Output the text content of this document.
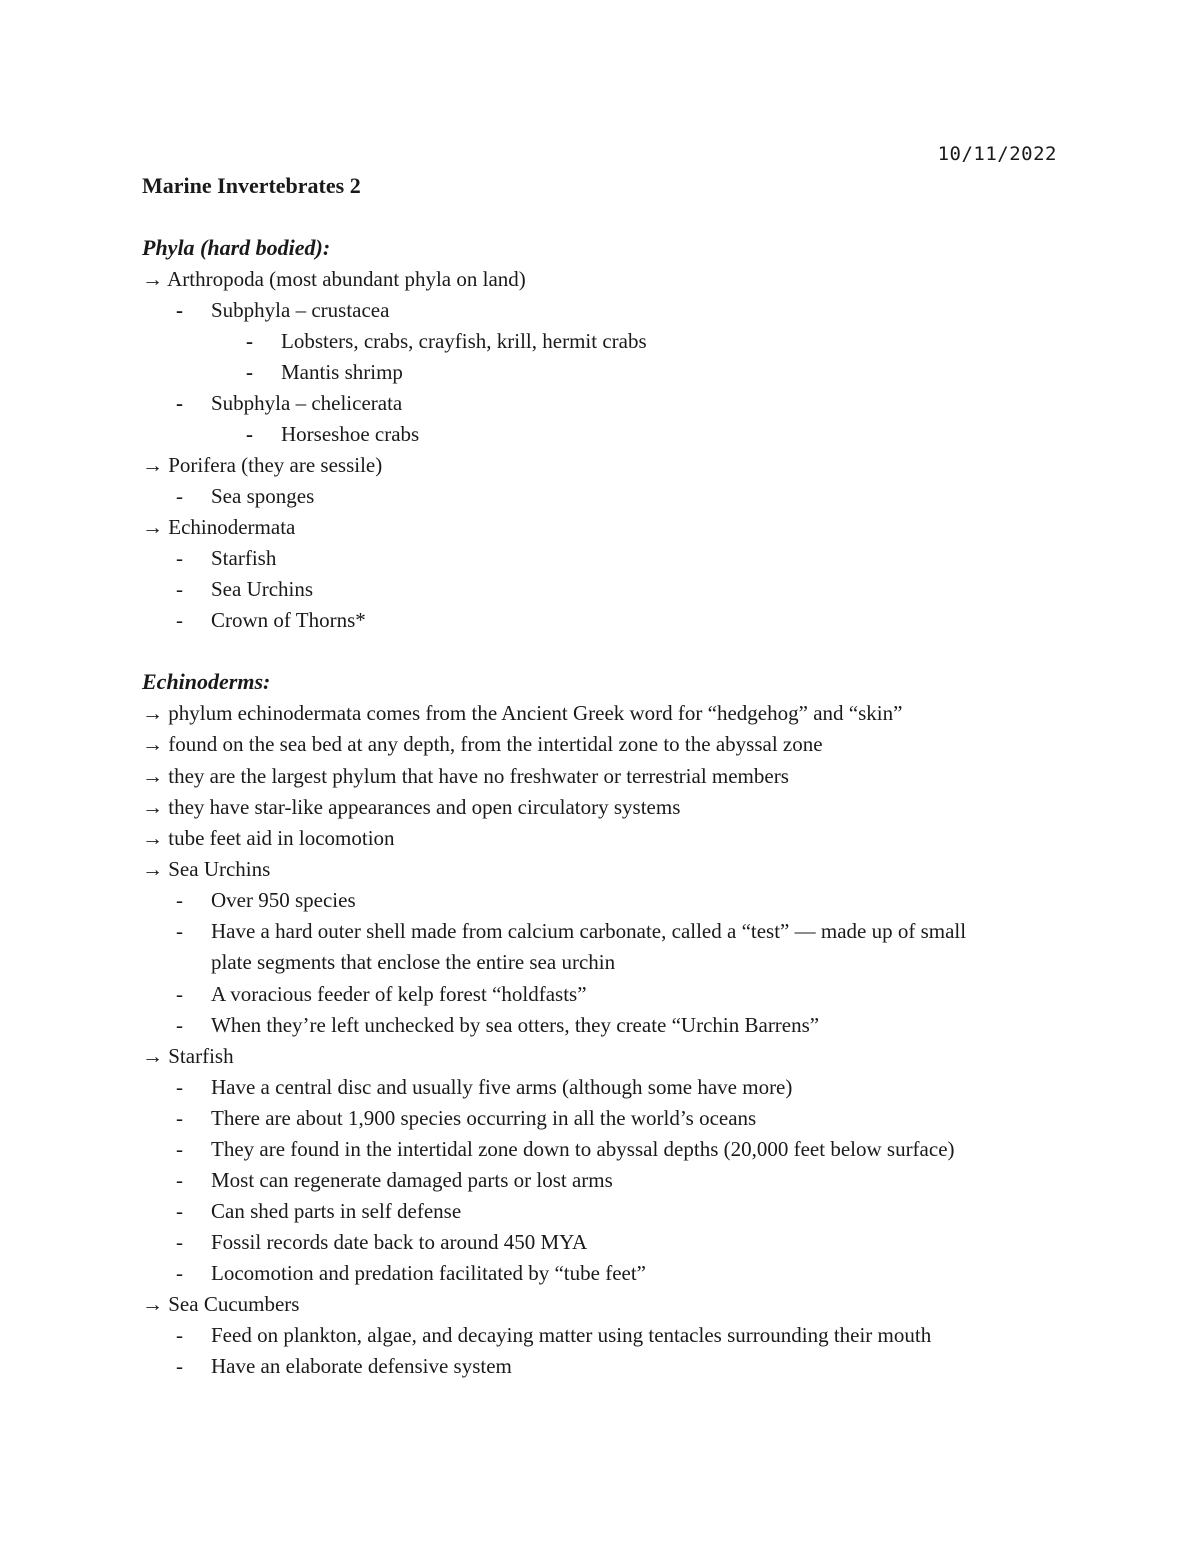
10/11/2022
Marine Invertebrates 2
Phyla (hard bodied):
→ Arthropoda (most abundant phyla on land)
-	Subphyla – crustacea
-	Lobsters, crabs, crayfish, krill, hermit crabs
-	Mantis shrimp
-	Subphyla – chelicerata
-	Horseshoe crabs
→ Porifera (they are sessile)
-	Sea sponges
→ Echinodermata
-	Starfish
-	Sea Urchins
-	Crown of Thorns*
Echinoderms:
→ phylum echinodermata comes from the Ancient Greek word for “hedgehog” and “skin”
→ found on the sea bed at any depth, from the intertidal zone to the abyssal zone
→ they are the largest phylum that have no freshwater or terrestrial members
→ they have star-like appearances and open circulatory systems
→ tube feet aid in locomotion
→ Sea Urchins
-	Over 950 species
-	Have a hard outer shell made from calcium carbonate, called a “test” — made up of small
plate segments that enclose the entire sea urchin
-	A voracious feeder of kelp forest “holdfasts”
-	When they’re left unchecked by sea otters, they create “Urchin Barrens”
→ Starfish
-	Have a central disc and usually five arms (although some have more)
-	There are about 1,900 species occurring in all the world’s oceans
-	They are found in the intertidal zone down to abyssal depths (20,000 feet below surface)
-	Most can regenerate damaged parts or lost arms
-	Can shed parts in self defense
-	Fossil records date back to around 450 MYA
-	Locomotion and predation facilitated by “tube feet”
→ Sea Cucumbers
-	Feed on plankton, algae, and decaying matter using tentacles surrounding their mouth
-	Have an elaborate defensive system
